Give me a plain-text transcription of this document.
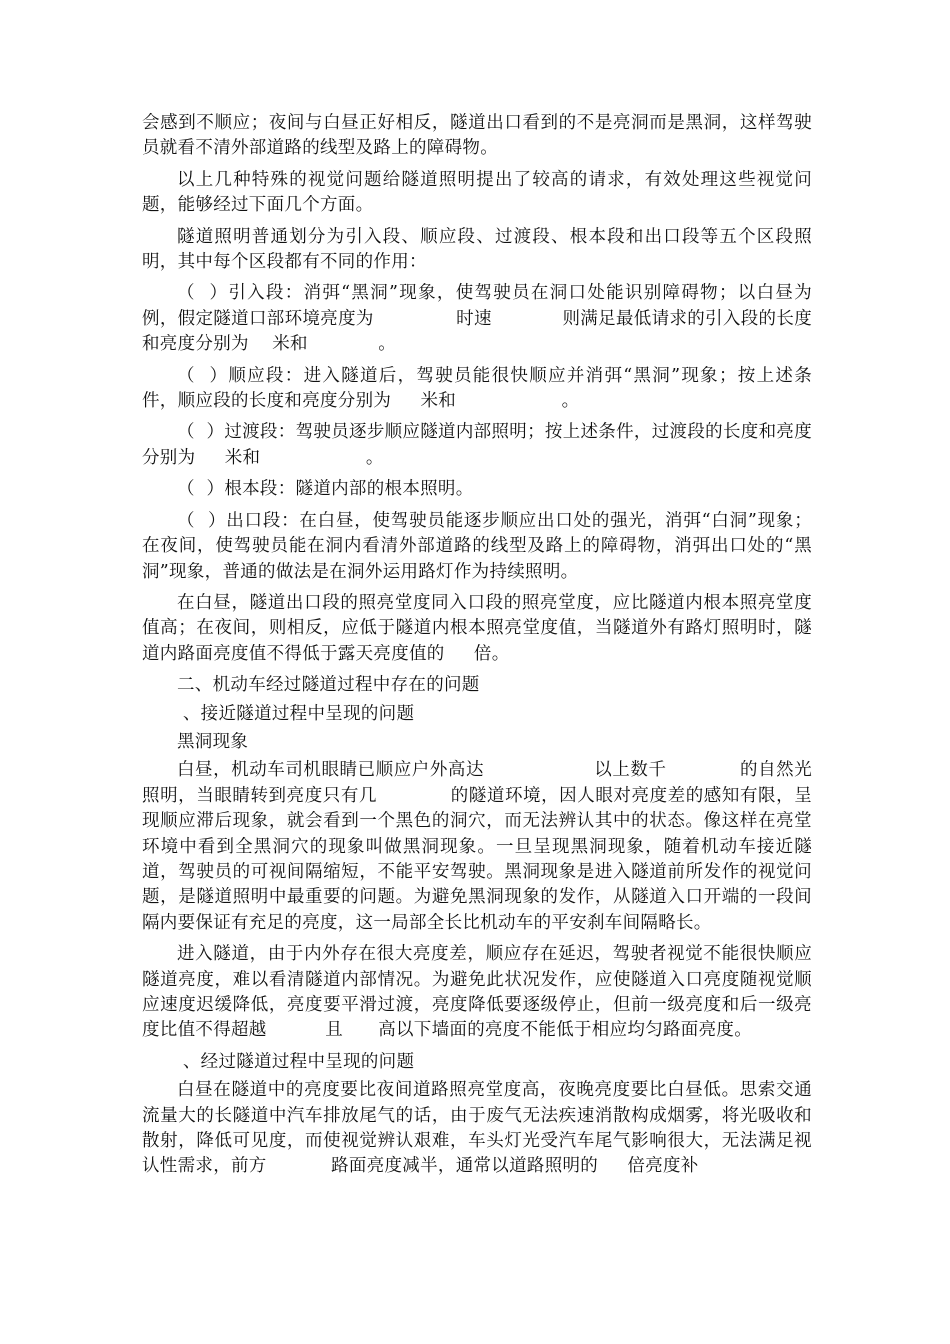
会感到不顺应；夜间与白昼正好相反，隧道出口看到的不是亮洞而是黑洞，这样驾驶员就看不清外部道路的线型及路上的障碍物。

以上几种特殊的视觉问题给隧道照明提出了较高的请求，有效处理这些视觉问题，能够经过下面几个方面。

隧道照明普通划分为引入段、顺应段、过渡段、根本段和出口段等五个区段照明，其中每个区段都有不同的作用：

（  ）引入段：消弭“黑洞”现象，使驾驶员在洞口处能识别障碍物；以白昼为例，假定隧道口部环境亮度为              时速            则满足最低请求的引入段的长度和亮度分别为    米和            。

（  ）顺应段：进入隧道后，驾驶员能很快顺应并消弭“黑洞”现象；按上述条件，顺应段的长度和亮度分别为     米和                  。

（  ）过渡段：驾驶员逐步顺应隧道内部照明；按上述条件，过渡段的长度和亮度分别为     米和                  。

（  ）根本段：隧道内部的根本照明。

（  ）出口段：在白昼，使驾驶员能逐步顺应出口处的强光，消弭“白洞”现象；在夜间，使驾驶员能在洞内看清外部道路的线型及路上的障碍物，消弭出口处的“黑洞”现象，普通的做法是在洞外运用路灯作为持续照明。

在白昼，隧道出口段的照亮堂度同入口段的照亮堂度，应比隧道内根本照亮堂度值高；在夜间，则相反，应低于隧道内根本照亮堂度值，当隧道外有路灯照明时，隧道内路面亮度值不得低于露天亮度值的     倍。

二、机动车经过隧道过程中存在的问题

、接近隧道过程中呈现的问题

黑洞现象

白昼，机动车司机眼睛已顺应户外高达                  以上数千            的自然光照明，当眼睛转到亮度只有几            的隧道环境，因人眼对亮度差的感知有限，呈现顺应滞后现象，就会看到一个黑色的洞穴，而无法辨认其中的状态。像这样在亮堂环境中看到全黑洞穴的现象叫做黑洞现象。一旦呈现黑洞现象，随着机动车接近隧道，驾驶员的可视间隔缩短，不能平安驾驶。黑洞现象是进入隧道前所发作的视觉问题，是隧道照明中最重要的问题。为避免黑洞现象的发作，从隧道入口开端的一段间隔内要保证有充足的亮度，这一局部全长比机动车的平安刹车间隔略长。

进入隧道，由于内外存在很大亮度差，顺应存在延迟，驾驶者视觉不能很快顺应隧道亮度，难以看清隧道内部情况。为避免此状况发作，应使隧道入口亮度随视觉顺应速度迟缓降低，亮度要平滑过渡，亮度降低要逐级停止，但前一级亮度和后一级亮度比值不得超越          且      高以下墙面的亮度不能低于相应均匀路面亮度。

、经过隧道过程中呈现的问题

白昼在隧道中的亮度要比夜间道路照亮堂度高，夜晚亮度要比白昼低。思索交通流量大的长隧道中汽车排放尾气的话，由于废气无法疾速消散构成烟雾，将光吸收和散射，降低可见度，而使视觉辨认艰难，车头灯光受汽车尾气影响很大，无法满足视认性需求，前方           路面亮度减半，通常以道路照明的     倍亮度补
